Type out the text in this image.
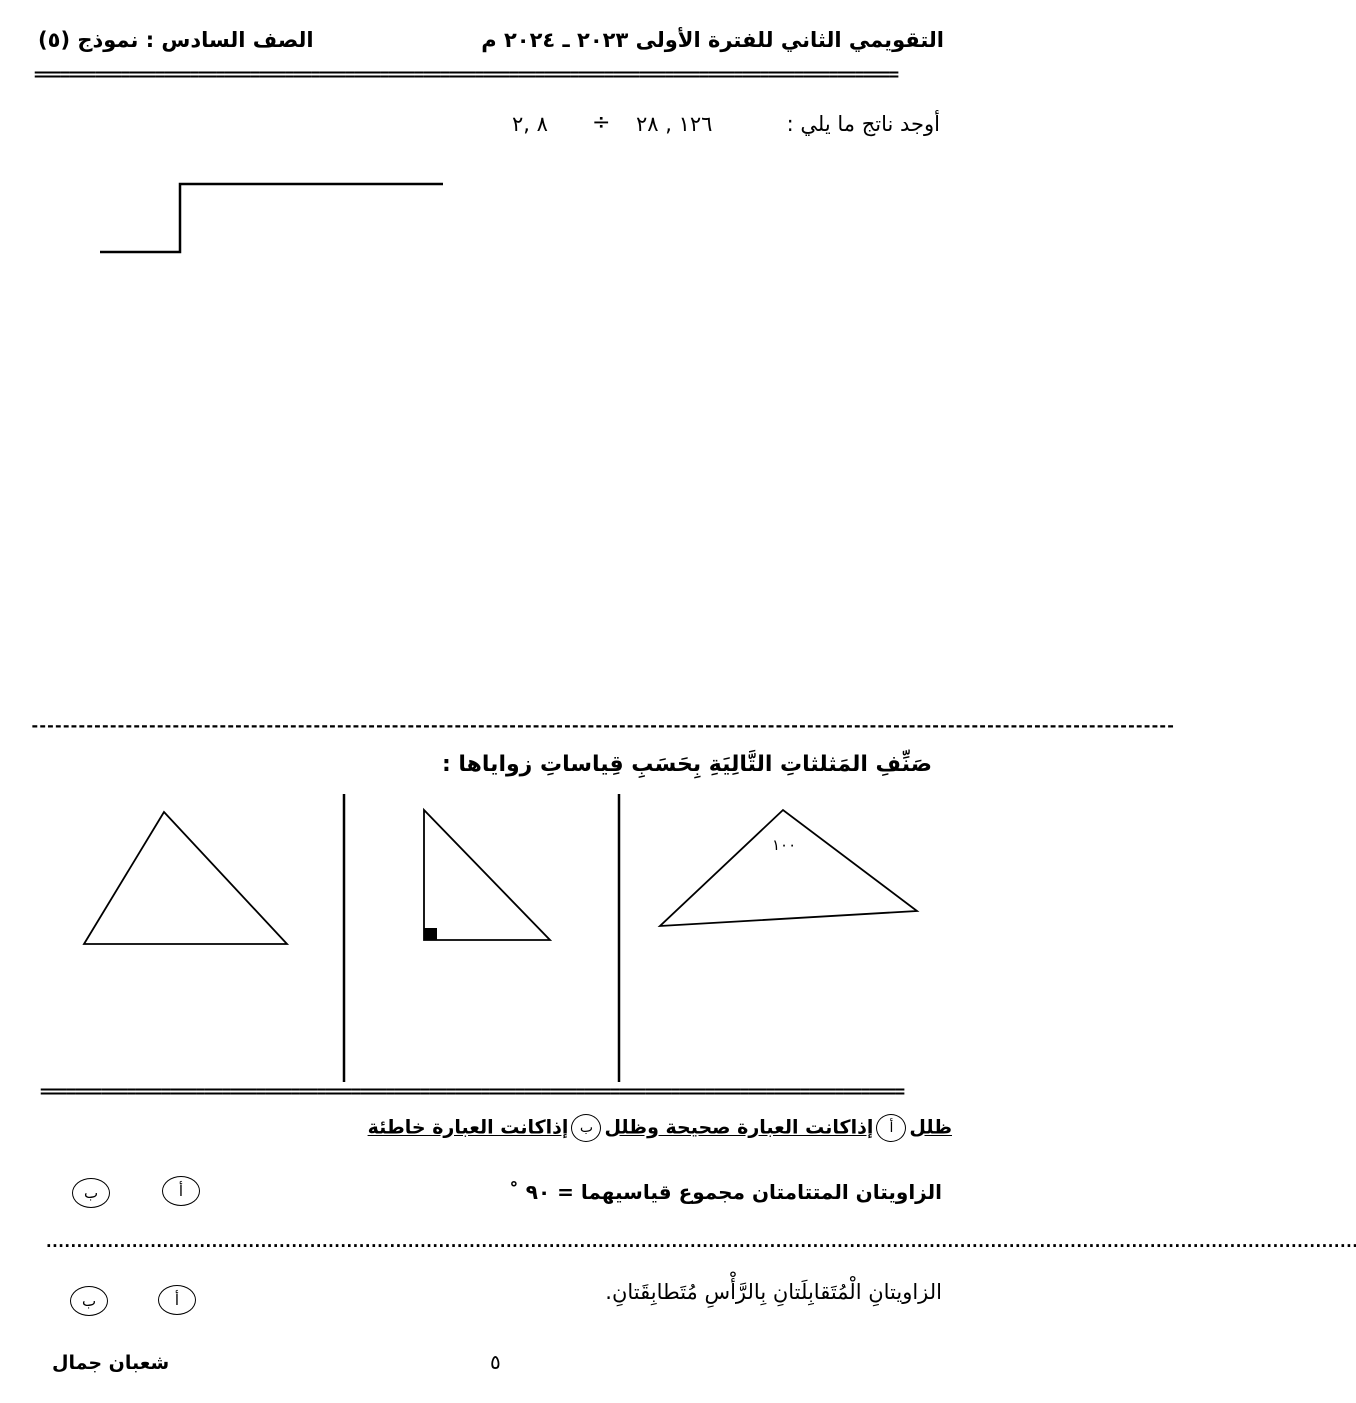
التقويمي الثاني للفترة الأولى ٢٠٢٣ ـ ٢٠٢٤ م
الصف السادس : نموذج (٥)
====================================================================================================
أوجد ناتج ما يلي :
١٢٦ , ٢٨
÷
٨ ,٢
--------------------------------------------------------------------------------------------------------------------------------------------------
صَنِّفِ المَثلثاتِ التَّالِيَةِ بِحَسَبِ قِياساتِ زواياها :
١٠٠
====================================================================================================
ظللأإذاكانت العبارة صحيحة وظللبإذاكانت العبارة خاطئة
الزاويتان المتتامتان مجموع قياسيهما = ٩٠ ˚
أ
ب
......................................................................................................................................................................................................................
الزاويتانِ الْمُتَقابِلَتانِ بِالرَّأْسِ مُتَطابِقَتانِ.
أ
ب
٥
شعبان جمال
